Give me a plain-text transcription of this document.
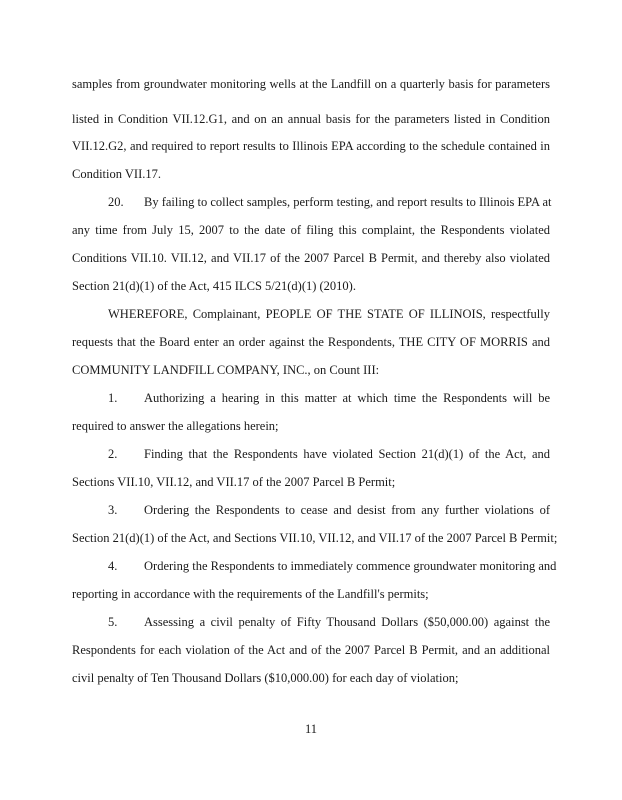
samples from groundwater monitoring wells at the Landfill on a quarterly basis for parameters
listed in Condition VII.12.G1, and on an annual basis for the parameters listed in Condition
VII.12.G2, and required to report results to Illinois EPA according to the schedule contained in
Condition VII.17.
20. By failing to collect samples, perform testing, and report results to Illinois EPA at
any time from July 15, 2007 to the date of filing this complaint, the Respondents violated
Conditions VII.10. VII.12, and VII.17 of the 2007 Parcel B Permit, and thereby also violated
Section 21(d)(1) of the Act, 415 ILCS 5/21(d)(1) (2010).
WHEREFORE, Complainant, PEOPLE OF THE STATE OF ILLINOIS, respectfully
requests that the Board enter an order against the Respondents, THE CITY OF MORRIS and
COMMUNITY LANDFILL COMPANY, INC., on Count III:
1. Authorizing a hearing in this matter at which time the Respondents will be
required to answer the allegations herein;
2. Finding that the Respondents have violated Section 21(d)(1) of the Act, and
Sections VII.10, VII.12, and VII.17 of the 2007 Parcel B Permit;
3. Ordering the Respondents to cease and desist from any further violations of
Section 21(d)(1) of the Act, and Sections VII.10, VII.12, and VII.17 of the 2007 Parcel B Permit;
4. Ordering the Respondents to immediately commence groundwater monitoring and
reporting in accordance with the requirements of the Landfill's permits;
5. Assessing a civil penalty of Fifty Thousand Dollars ($50,000.00) against the
Respondents for each violation of the Act and of the 2007 Parcel B Permit, and an additional
civil penalty of Ten Thousand Dollars ($10,000.00) for each day of violation;
11
